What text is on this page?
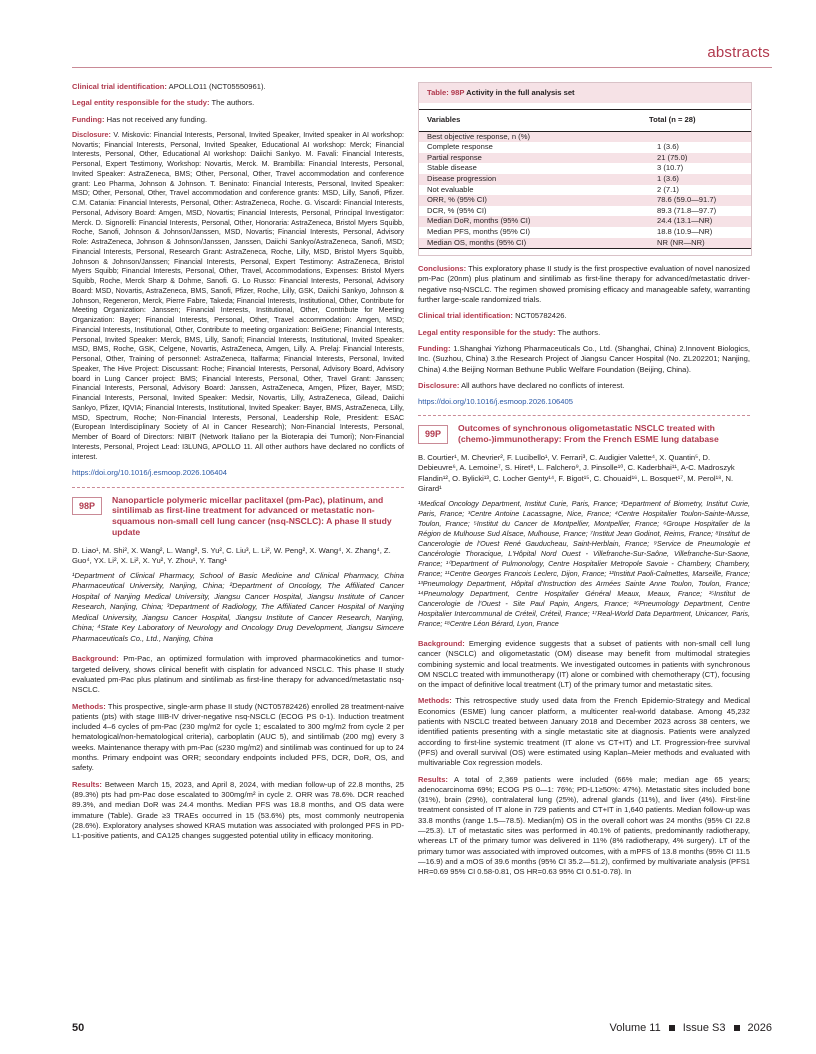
abstracts

Clinical trial identification: APOLLO11 (NCT05550961).

Legal entity responsible for the study: The authors.

Funding: Has not received any funding.

Disclosure: V. Miskovic: Financial Interests, Personal, Invited Speaker, Invited speaker in AI workshop: Novartis; Financial Interests, Personal, Invited Speaker, Educational AI workshop: Merck; Financial Interests, Personal, Other, Educational AI workshop: Daiichi Sankyo. M. Favali: Financial Interests, Personal, Expert Testimony, Workshop: Novartis, Merck. M. Brambilla: Financial Interests, Personal, Invited Speaker: AstraZeneca, BMS; Other, Personal, Other, Travel accommodation and conference grant: Leo Pharma, Johnson & Johnson. T. Beninato: Financial Interests, Personal, Invited Speaker: MSD; Other, Personal, Other, Travel accommodation and conference grants: MSD, Lilly, Sanofi, Pfizer. C.M. Catania: Financial Interests, Personal, Other: AstraZeneca, Roche. G. Viscardi: Financial Interests, Personal, Advisory Board: Amgen, MSD, Novartis; Financial Interests, Personal, Principal Investigator: Merck. D. Signorelli: Financial Interests, Personal, Other, Honoraria: AstraZeneca, Bristol Myers Squibb, Roche, Sanofi, Johnson & Johnson/Janssen, MSD, Novartis; Financial Interests, Personal, Advisory Role: AstraZeneca, Johnson & Johnson/Janssen, Janssen, Daiichi Sankyo/AstraZeneca, Sanofi, MSD; Financial Interests, Personal, Research Grant: AstraZeneca, Roche, Lilly, MSD, Bristol Myers Squibb, Johnson & Johnson/Janssen; Financial Interests, Personal, Expert Testimony: AstraZeneca, Bristol Myers Squibb; Financial Interests, Personal, Other, Travel, Accommodations, Expenses: Bristol Myers Squibb, Roche, Merck Sharp & Dohme, Sanofi. G. Lo Russo: Financial Interests, Personal, Advisory Board: MSD, Novartis, AstraZeneca, BMS, Sanofi, Pfizer, Roche, Lilly, GSK, Daiichi Sankyo, Johnson & Johnson, Regeneron, Merck, Pierre Fabre, Takeda; Financial Interests, Institutional, Other, Contribute for Meeting Organization: Janssen; Financial Interests, Institutional, Other, Contribute for Meeting Organization: Bayer; Financial Interests, Personal, Other, Travel accommodation: Amgen, MSD; Financial Interests, Institutional, Other, Contribute to meeting organization: BeiGene; Financial Interests, Personal, Invited Speaker: Merck, BMS, Lilly, Sanofi; Financial Interests, Institutional, Invited Speaker: MSD, BMS, Roche, GSK, Celgene, Novartis, AstraZeneca, Amgen, Lilly. A. Prelaj: Financial Interests, Personal, Other, Training of personnel: AstraZeneca, Italfarma; Financial Interests, Personal, Invited Speaker, The Hive Project: Discussant: Roche; Financial Interests, Personal, Advisory Board, Advisory board in Lung Cancer project: BMS; Financial Interests, Personal, Other, Travel Grant: Janssen; Financial Interests, Personal, Advisory Board: Janssen, AstraZeneca, Amgen, Pfizer, Bayer, MSD; Financial Interests, Personal, Invited Speaker: Medsir, Novartis, Lilly, AstraZeneca, Gilead, Daiichi Sankyo, Pfizer, IQVIA; Financial Interests, Institutional, Invited Speaker: Bayer, BMS, AstraZeneca, Lilly, MSD, Spectrum, Roche; Non-Financial Interests, Personal, Leadership Role, President: ESAC (European Interdisciplinary Society of AI in Cancer Research); Non-Financial Interests, Personal, Member of Board of Directors: NIBIT (Network Italiano per la Bioterapia dei Tumori); Non-Financial Interests, Personal, Project Lead: I3LUNG, APOLLO 11. All other authors have declared no conflicts of interest.

https://doi.org/10.1016/j.esmoop.2026.106404

98P
Nanoparticle polymeric micellar paclitaxel (pm-Pac), platinum, and sintilimab as first-line treatment for advanced or metastatic non-squamous non-small cell lung cancer (nsq-NSCLC): A phase II study update
D. Liao¹, M. Shi², X. Wang², L. Wang², S. Yu², C. Liu³, L. Li², W. Peng², X. Wang⁴, X. Zhang⁴, Z. Guo⁴, YX. Li², X. Li², X. Yu², Y. Zhou¹, Y. Tang¹
¹Department of Clinical Pharmacy, School of Basic Medicine and Clinical Pharmacy, China Pharmaceutical University, Nanjing, China; ²Department of Oncology, The Affiliated Cancer Hospital of Nanjing Medical University, Jiangsu Cancer Hospital, Jiangsu Institute of Cancer Research, Nanjing, China; ³Department of Radiology, The Affiliated Cancer Hospital of Nanjing Medical University, Jiangsu Cancer Hospital, Jiangsu Institute of Cancer Research, Nanjing, China; ⁴State Key Laboratory of Neurology and Oncology Drug Development, Jiangsu Simcere Pharmaceuticals Co., Ltd., Nanjing, China

Background: Pm-Pac, an optimized formulation with improved pharmacokinetics and tumor-targeted delivery, shows clinical benefit with cisplatin for advanced NSCLC. This phase II study evaluated pm-Pac plus platinum and sintilimab as first-line therapy for advanced/metastatic nsq-NSCLC.

Methods: This prospective, single-arm phase II study (NCT05782426) enrolled 28 treatment-naive patients (pts) with stage IIIB-IV driver-negative nsq-NSCLC (ECOG PS 0-1). Induction treatment included 4–6 cycles of pm-Pac (230 mg/m2 for cycle 1; escalated to 300 mg/m2 from cycle 2 per hematological/non-hematological criteria), carboplatin (AUC 5), and sintilimab (200 mg) every 3 weeks. Maintenance therapy with pm-Pac (≤230 mg/m2) and sintilimab was continued for up to 24 months. Primary endpoint was ORR; secondary endpoints included PFS, DCR, DoR, OS, and safety.

Results: Between March 15, 2023, and April 8, 2024, with median follow-up of 22.8 months, 25 (89.3%) pts had pm-Pac dose escalated to 300mg/m² in cycle 2. ORR was 78.6%. DCR reached 89.3%, and median DoR was 24.4 months. Median PFS was 18.8 months, and OS data were immature (Table). Grade ≥3 TRAEs occurred in 15 (53.6%) pts, most commonly neutropenia (28.6%). Exploratory analyses showed KRAS mutation was associated with prolonged PFS in PD-L1-positive patients, and CA125 changes suggested potential utility in efficacy monitoring.

Table: 98P Activity in the full analysis set
Variables	Total (n = 28)
Best objective response, n (%)
Complete response	1 (3.6)
Partial response	21 (75.0)
Stable disease	3 (10.7)
Disease progression	1 (3.6)
Not evaluable	2 (7.1)
ORR, % (95% CI)	78.6 (59.0—91.7)
DCR, % (95% CI)	89.3 (71.8—97.7)
Median DoR, months (95% CI)	24.4 (13.1—NR)
Median PFS, months (95% CI)	18.8 (10.9—NR)
Median OS, months (95% CI)	NR (NR—NR)

Conclusions: This exploratory phase II study is the first prospective evaluation of novel nanosized pm-Pac (20nm) plus platinum and sintilimab as first-line therapy for advanced/metastatic driver-negative nsq-NSCLC. The regimen showed promising efficacy and manageable safety, warranting further large-scale randomized trials.

Clinical trial identification: NCT05782426.

Legal entity responsible for the study: The authors.

Funding: 1.Shanghai Yizhong Pharmaceuticals Co., Ltd. (Shanghai, China) 2.Innovent Biologics, Inc. (Suzhou, China) 3.the Research Project of Jiangsu Cancer Hospital (No. ZL202201; Nanjing, China) 4.the Beijing Norman Bethune Public Welfare Foundation (Beijing, China).

Disclosure: All authors have declared no conflicts of interest.

https://doi.org/10.1016/j.esmoop.2026.106405

99P
Outcomes of synchronous oligometastatic NSCLC treated with (chemo-)immunotherapy: From the French ESME lung database
B. Courtier¹, M. Chevrier², F. Lucibello¹, V. Ferrari³, C. Audigier Valette⁴, X. Quantin⁵, D. Debieuvre⁶, A. Lemoine⁷, S. Hiret⁸, L. Falchero⁹, J. Pinsolle¹⁰, C. Kaderbhai¹¹, A-C. Madroszyk Flandin¹², O. Bylicki¹³, C. Locher Genty¹⁴, F. Bigot¹⁵, C. Chouaid¹⁶, L. Bosquet¹⁷, M. Perol¹⁸, N. Girard¹
¹Medical Oncology Department, Institut Curie, Paris, France; ²Department of Biometry, Institut Curie, Paris, France; ³Centre Antoine Lacassagne, Nice, France; ⁴Centre Hospitalier Toulon-Sainte-Musse, Toulon, France; ⁵Institut du Cancer de Montpellier, Montpellier, France; ⁶Groupe Hospitalier de la Région de Mulhouse Sud Alsace, Mulhouse, France; ⁷Institut Jean Godinot, Reims, France; ⁸Institut de Cancerologie de l'Ouest René Gauducheau, Saint-Herblain, France; ⁹Service de Pneumologie et Cancérologie Thoracique, L'Hôpital Nord Ouest - Villefranche-Sur-Saône, Villefranche-Sur-Saone, France; ¹⁰Department of Pulmonology, Centre Hospitalier Metropole Savoie - Chambery, Chambery, France; ¹¹Centre Georges Francois Leclerc, Dijon, France; ¹²Institut Paoli-Calmettes, Marseille, France; ¹³Pneumology Department, Hôpital d'Instruction des Armées Sainte Anne Toulon, Toulon, France; ¹⁴Pneumology Department, Centre Hospitalier Général Meaux, Meaux, France; ¹⁵Institut de Cancerologie de l'Ouest - Site Paul Papin, Angers, France; ¹⁶Pneumology Department, Centre Hospitalier Intercommunal de Créteil, Créteil, France; ¹⁷Real-World Data Department, Unicancer, Paris, France; ¹⁸Centre Léon Bérard, Lyon, France

Background: Emerging evidence suggests that a subset of patients with non-small cell lung cancer (NSCLC) and oligometastatic (OM) disease may benefit from multimodal strategies combining systemic and local treatments. We investigated outcomes in patients with synchronous OM NSCLC treated with immunotherapy (IT) alone or combined with chemotherapy (CT), focusing on the impact of definitive local treatment (LT) of the primary tumor and metastatic sites.

Methods: This retrospective study used data from the French Epidemio-Strategy and Medical Economics (ESME) lung cancer platform, a multicenter real-world database. Among 45,232 patients with NSCLC treated between January 2018 and December 2023 across 38 centers, we identified patients presenting with a single metastatic site at diagnosis. Patients were analyzed according to first-line systemic treatment (IT alone vs CT+IT) and LT. Progression-free survival (PFS) and overall survival (OS) were estimated using Kaplan–Meier methods and evaluated with multivariable Cox regression models.

Results: A total of 2,369 patients were included (66% male; median age 65 years; adenocarcinoma 69%; ECOG PS 0—1: 76%; PD-L1≥50%: 47%). Metastatic sites included bone (31%), brain (29%), contralateral lung (25%), adrenal glands (11%), and liver (4%). First-line treatment consisted of IT alone in 729 patients and CT+IT in 1,640 patients. Median follow-up was 33.8 months (range 1.5—78.5). Median(m) OS in the overall cohort was 24 months (95% CI 22.8—25.3). LT of metastatic sites was performed in 40.1% of patients, predominantly radiotherapy, whereas LT of the primary tumor was delivered in 11% (8% radiotherapy, 4% surgery). LT of the primary tumor was associated with improved outcomes, with a mPFS of 13.8 months (95% CI 11.5—16.9) and a mOS of 39.6 months (95% CI 35.2—51.2), confirmed by multivariate analysis (PFS1 HR=0.69 95% CI 0.58-0.81, OS HR=0.63 95% CI 0.51-0.78). In

50	Volume 11 Issue S3 2026
